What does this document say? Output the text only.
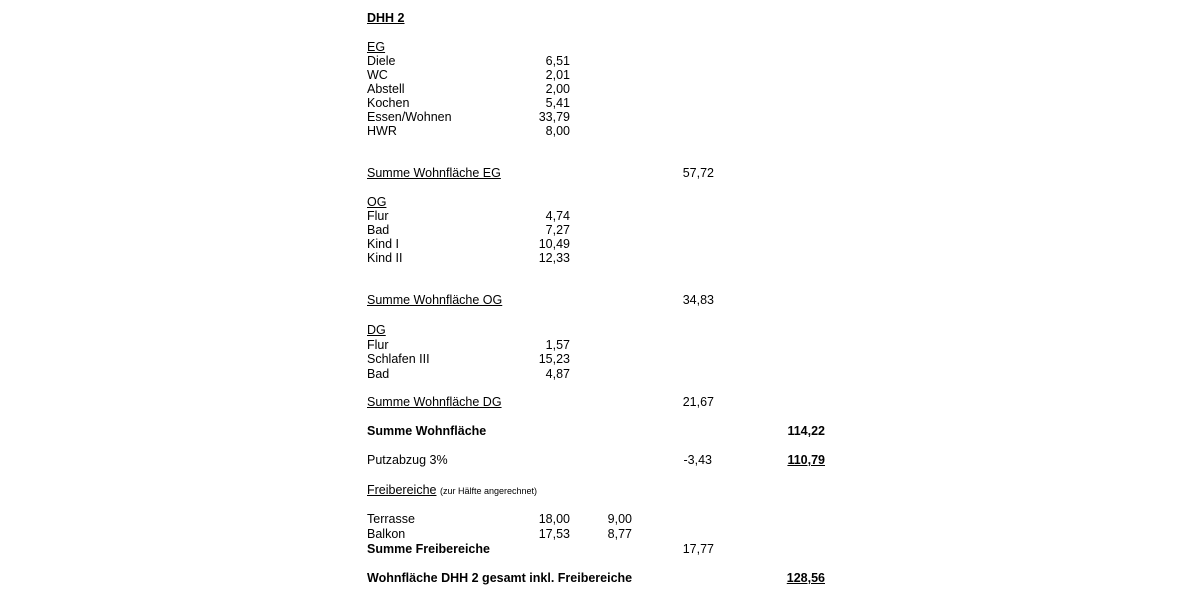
DHH 2
EG
Diele	6,51
WC	2,01
Abstell	2,00
Kochen	5,41
Essen/Wohnen	33,79
HWR	8,00
Summe Wohnfläche EG	57,72
OG
Flur	4,74
Bad	7,27
Kind I	10,49
Kind II	12,33
Summe Wohnfläche OG	34,83
DG
Flur	1,57
Schlafen III	15,23
Bad	4,87
Summe Wohnfläche DG	21,67
Summe Wohnfläche	114,22
Putzabzug 3%	-3,43	110,79
Freibereiche (zur Hälfte angerechnet)
Terrasse	18,00	9,00
Balkon	17,53	8,77
Summe Freibereiche	17,77
Wohnfläche DHH 2 gesamt inkl. Freibereiche	128,56
